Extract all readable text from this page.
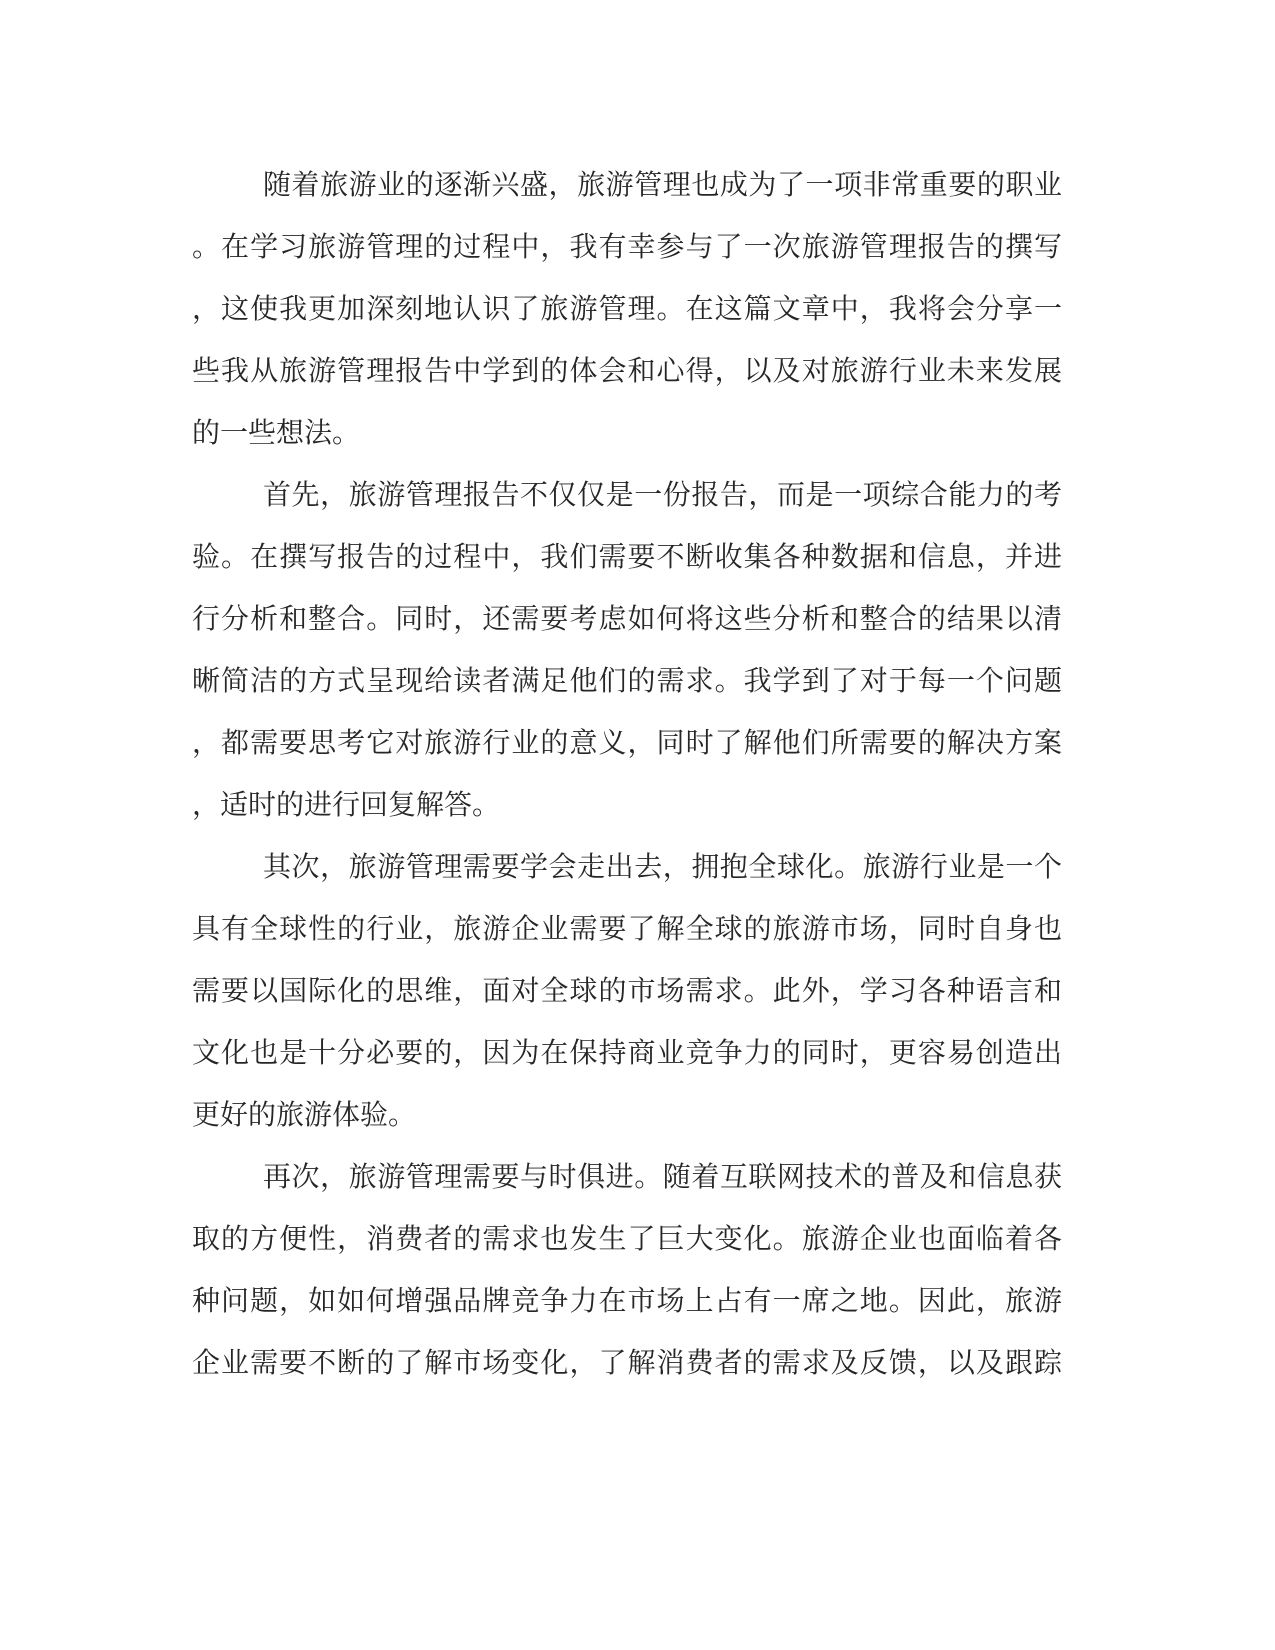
随着旅游业的逐渐兴盛，旅游管理也成为了一项非常重要的职业
。在学习旅游管理的过程中，我有幸参与了一次旅游管理报告的撰写
，这使我更加深刻地认识了旅游管理。在这篇文章中，我将会分享一
些我从旅游管理报告中学到的体会和心得，以及对旅游行业未来发展
的一些想法。
首先，旅游管理报告不仅仅是一份报告，而是一项综合能力的考
验。在撰写报告的过程中，我们需要不断收集各种数据和信息，并进
行分析和整合。同时，还需要考虑如何将这些分析和整合的结果以清
晰简洁的方式呈现给读者满足他们的需求。我学到了对于每一个问题
，都需要思考它对旅游行业的意义，同时了解他们所需要的解决方案
，适时的进行回复解答。
其次，旅游管理需要学会走出去，拥抱全球化。旅游行业是一个
具有全球性的行业，旅游企业需要了解全球的旅游市场，同时自身也
需要以国际化的思维，面对全球的市场需求。此外，学习各种语言和
文化也是十分必要的，因为在保持商业竞争力的同时，更容易创造出
更好的旅游体验。
再次，旅游管理需要与时俱进。随着互联网技术的普及和信息获
取的方便性，消费者的需求也发生了巨大变化。旅游企业也面临着各
种问题，如如何增强品牌竞争力在市场上占有一席之地。因此，旅游
企业需要不断的了解市场变化，了解消费者的需求及反馈，以及跟踪
